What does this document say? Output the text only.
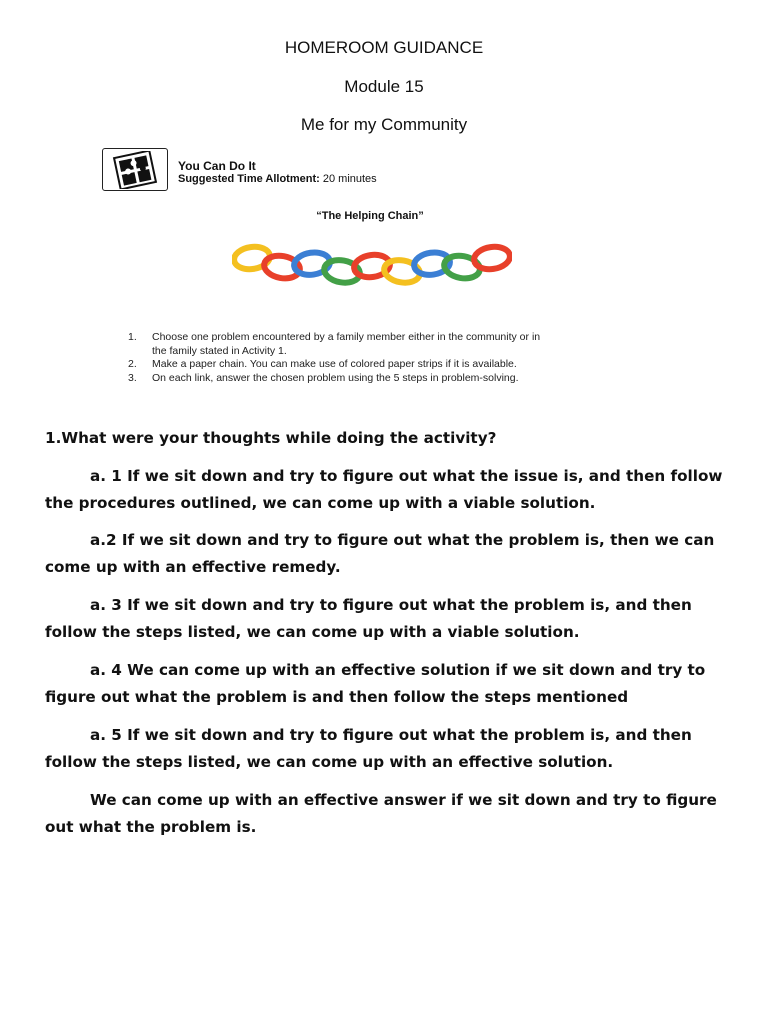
HOMEROOM GUIDANCE
Module 15
Me for my Community
You Can Do It
Suggested Time Allotment: 20 minutes
“The Helping Chain”
1. Choose one problem encountered by a family member either in the community or in
the family stated in Activity 1.
2. Make a paper chain. You can make use of colored paper strips if it is available.
3. On each link, answer the chosen problem using the 5 steps in problem-solving.
1.What were your thoughts while doing the activity?
a. 1 If we sit down and try to figure out what the issue is, and then follow the procedures outlined, we can come up with a viable solution.
a.2 If we sit down and try to figure out what the problem is, then we can come up with an effective remedy.
a. 3 If we sit down and try to figure out what the problem is, and then follow the steps listed, we can come up with a viable solution.
a. 4 We can come up with an effective solution if we sit down and try to figure out what the problem is and then follow the steps mentioned
a. 5 If we sit down and try to figure out what the problem is, and then follow the steps listed, we can come up with an effective solution.
We can come up with an effective answer if we sit down and try to figure out what the problem is.
